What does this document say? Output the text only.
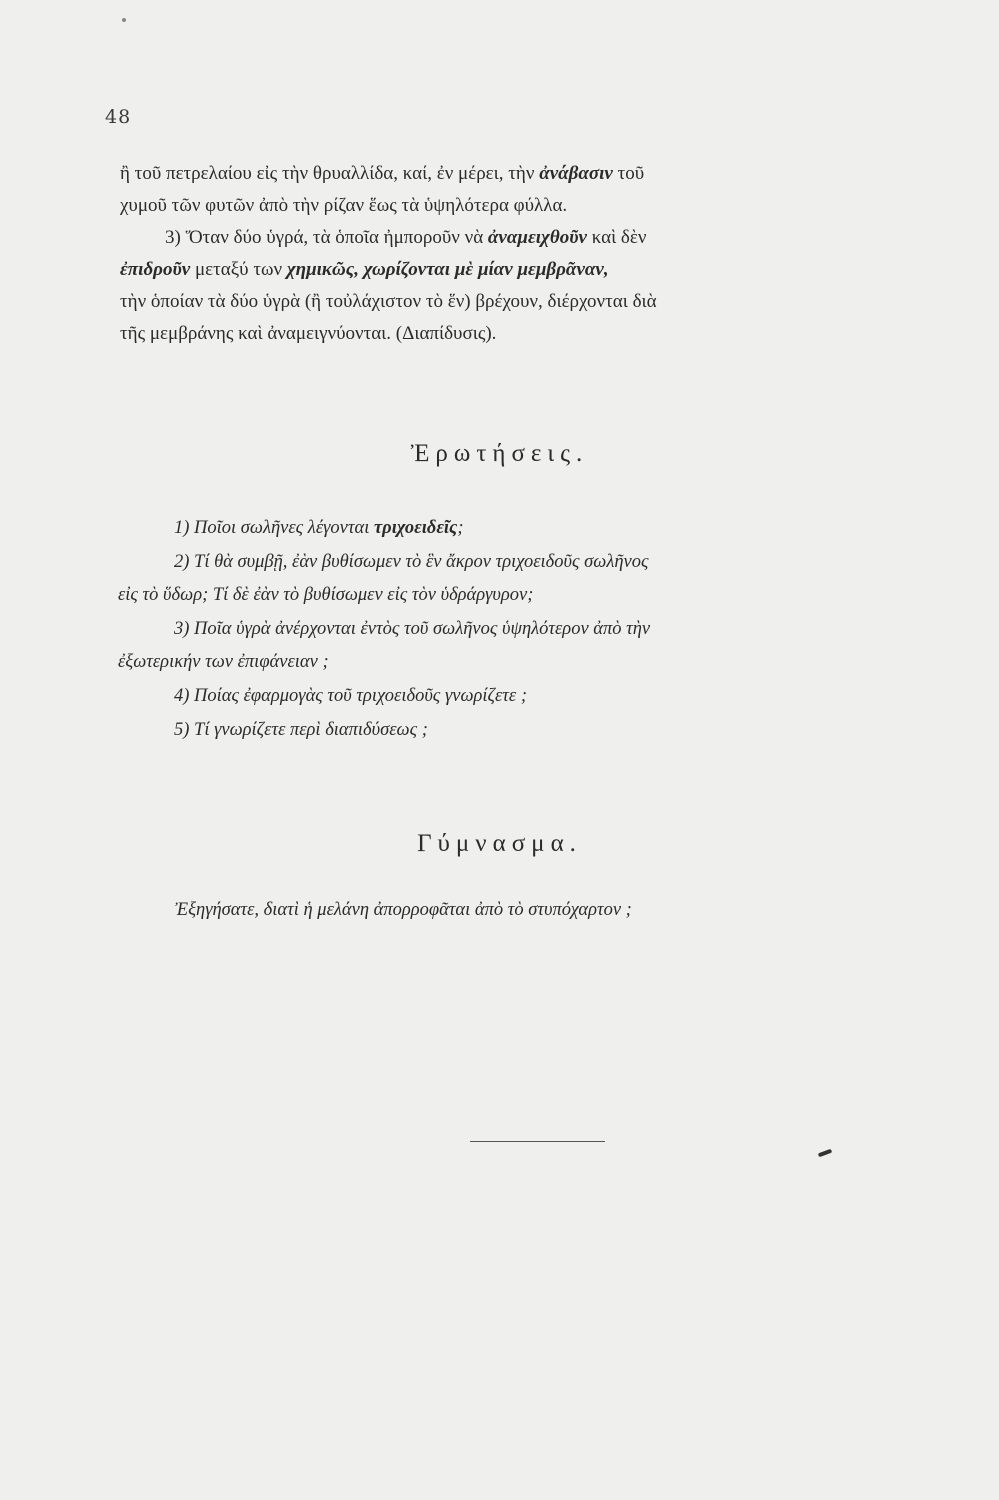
48
ἢ τοῦ πετρελαίου εἰς τὴν θρυαλλίδα, καί, ἐν μέρει, τὴν ἀνάβασιν τοῦ
χυμοῦ τῶν φυτῶν ἀπὸ τὴν ρίζαν ἕως τὰ ὑψηλότερα φύλλα.
3) Ὅταν δύο ὑγρά, τὰ ὁποῖα ἠμποροῦν νὰ ἀναμειχθοῦν καὶ δὲν
ἐπιδροῦν μεταξύ των χημικῶς, χωρίζονται μὲ μίαν μεμβρᾶναν,
τὴν ὁποίαν τὰ δύο ὑγρὰ (ἢ τοὐλάχιστον τὸ ἕν) βρέχουν, διέρχονται διὰ
τῆς μεμβράνης καὶ ἀναμειγνύονται. (Διαπίδυσις).
Ἐρωτήσεις.
1) Ποῖοι σωλῆνες λέγονται τριχοειδεῖς;
2) Τί θὰ συμβῇ, ἐὰν βυθίσωμεν τὸ ἓν ἄκρον τριχοειδοῦς σωλῆνος
εἰς τὸ ὕδωρ; Τί δὲ ἐὰν τὸ βυθίσωμεν εἰς τὸν ὑδράργυρον;
3) Ποῖα ὑγρὰ ἀνέρχονται ἐντὸς τοῦ σωλῆνος ὑψηλότερον ἀπὸ τὴν
ἐξωτερικήν των ἐπιφάνειαν ;
4) Ποίας ἐφαρμογὰς τοῦ τριχοειδοῦς γνωρίζετε ;
5) Τί γνωρίζετε περὶ διαπιδύσεως ;
Γύμνασμα.
Ἐξηγήσατε, διατὶ ἡ μελάνη ἀπορροφᾶται ἀπὸ τὸ στυπόχαρτον ;
